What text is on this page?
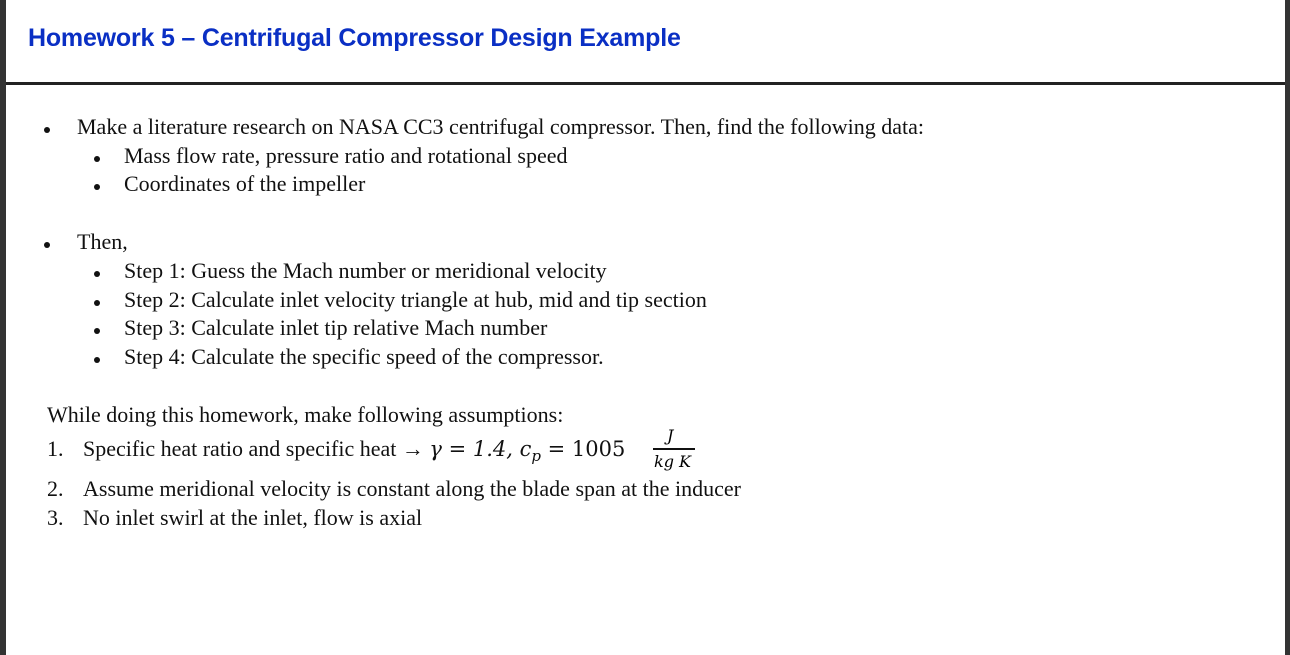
Homework 5 – Centrifugal Compressor Design Example
Make a literature research on NASA CC3 centrifugal compressor. Then, find the following data:
Mass flow rate, pressure ratio and rotational speed
Coordinates of the impeller
Then,
Step 1: Guess the Mach number or meridional velocity
Step 2: Calculate inlet velocity triangle at hub, mid and tip section
Step 3: Calculate inlet tip relative Mach number
Step 4: Calculate the specific speed of the compressor.
While doing this homework, make following assumptions:
1. Specific heat ratio and specific heat → γ = 1.4, $c_p = 1005$
J
kg K
2. Assume meridional velocity is constant along the blade span at the inducer
3. No inlet swirl at the inlet, flow is axial
